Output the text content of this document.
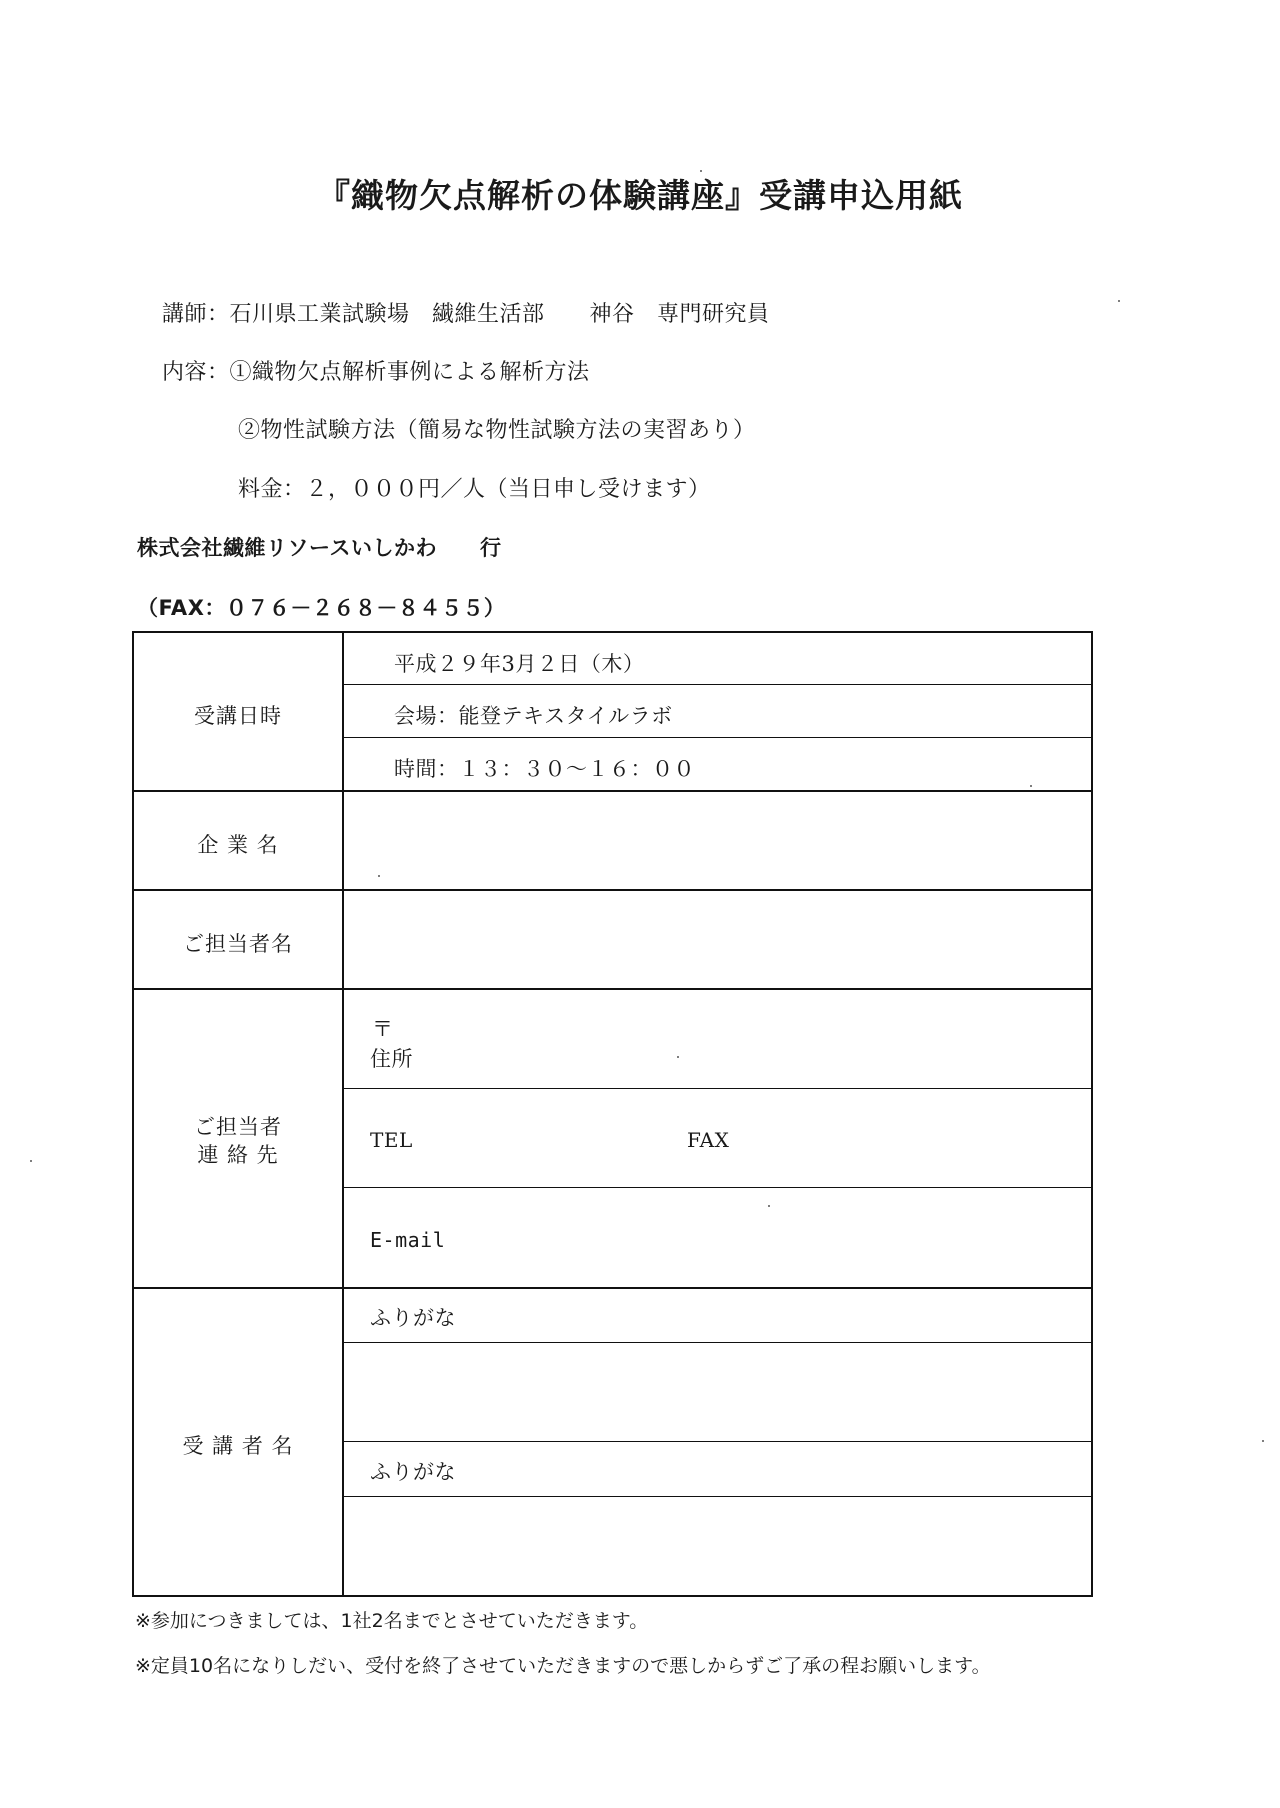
『織物欠点解析の体験講座』受講申込用紙
講師：石川県工業試験場　繊維生活部　　神谷　専門研究員
内容：①織物欠点解析事例による解析方法
②物性試験方法（簡易な物性試験方法の実習あり）
料金：２，０００円／人（当日申し受けます）
株式会社繊維リソースいしかわ　　行
（FAX：０７６－２６８－８４５５）
受講日時
企 業 名
ご担当者名
ご担当者
連 絡 先
受 講 者 名
平成２９年3月２日（木）
会場：能登テキスタイルラボ
時間：１３：３０～１６：００
〒
住所
TEL	FAX
E-mail
ふりがな
ふりがな
※参加につきましては、1社2名までとさせていただきます。
※定員10名になりしだい、受付を終了させていただきますので悪しからずご了承の程お願いします。
